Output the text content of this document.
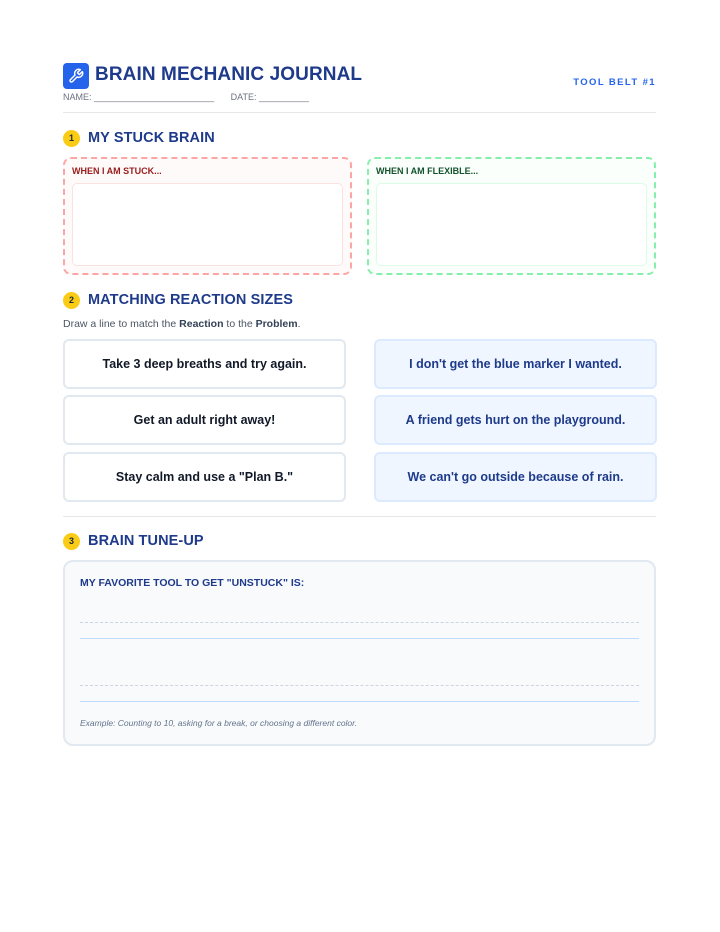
BRAIN MECHANIC JOURNAL	TOOL BELT #1
NAME: ________________________ DATE: __________
1 MY STUCK BRAIN
WHEN I AM STUCK...	WHEN I AM FLEXIBLE...
2 MATCHING REACTION SIZES
Draw a line to match the Reaction to the Problem.
Take 3 deep breaths and try again.
Get an adult right away!
Stay calm and use a "Plan B."
I don't get the blue marker I wanted.
A friend gets hurt on the playground.
We can't go outside because of rain.
3 BRAIN TUNE-UP
MY FAVORITE TOOL TO GET "UNSTUCK" IS:
Example: Counting to 10, asking for a break, or choosing a different color.
